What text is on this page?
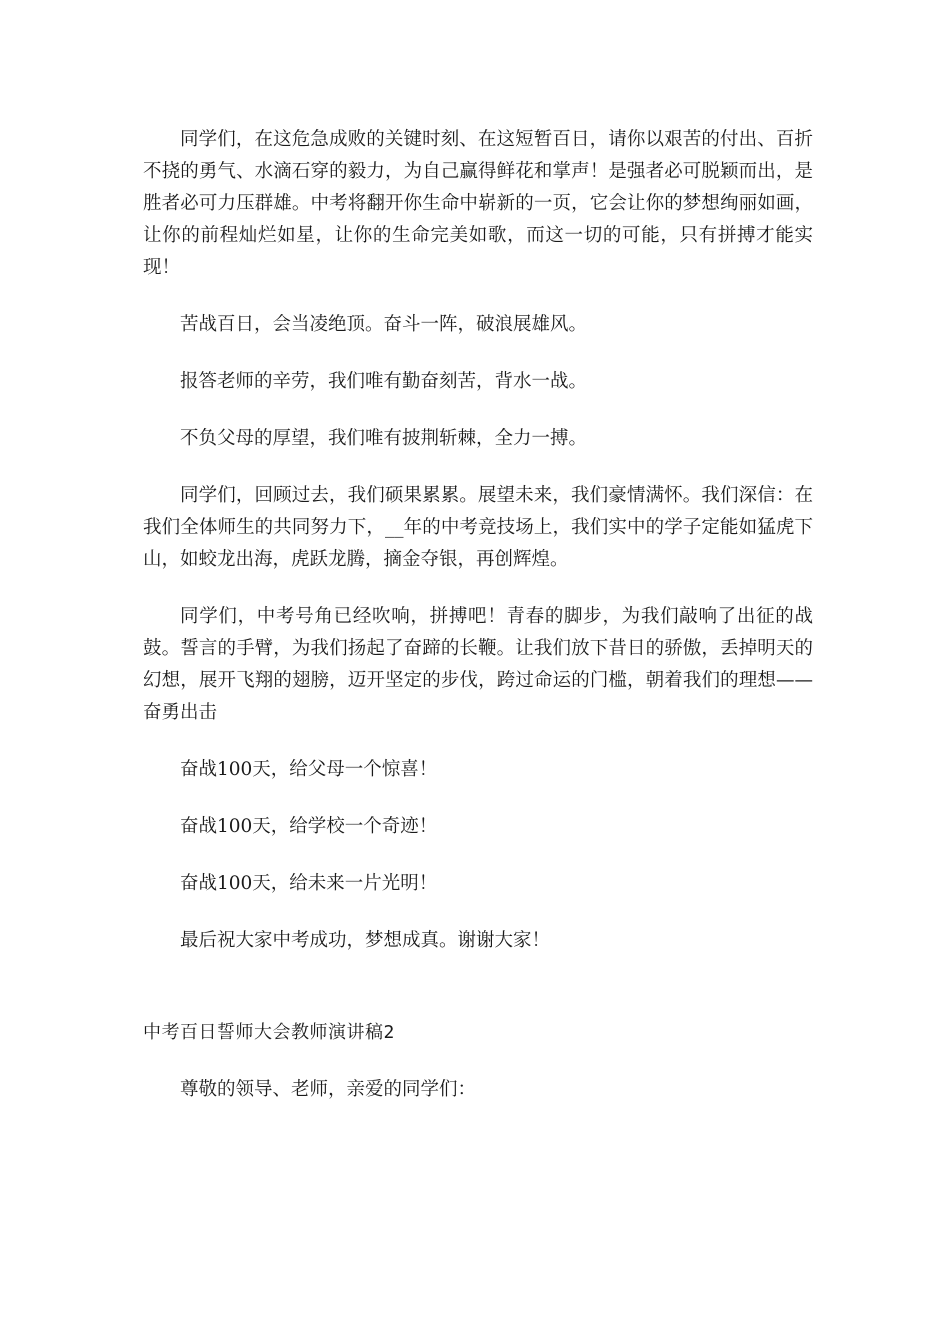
同学们，在这危急成败的关键时刻、在这短暂百日，请你以艰苦的付出、百折不挠的勇气、水滴石穿的毅力，为自己赢得鲜花和掌声！是强者必可脱颖而出，是胜者必可力压群雄。中考将翻开你生命中崭新的一页，它会让你的梦想绚丽如画，让你的前程灿烂如星，让你的生命完美如歌，而这一切的可能，只有拼搏才能实现！

苦战百日，会当凌绝顶。奋斗一阵，破浪展雄风。

报答老师的辛劳，我们唯有勤奋刻苦，背水一战。

不负父母的厚望，我们唯有披荆斩棘，全力一搏。

同学们，回顾过去，我们硕果累累。展望未来，我们豪情满怀。我们深信：在我们全体师生的共同努力下，__年的中考竞技场上，我们实中的学子定能如猛虎下山，如蛟龙出海，虎跃龙腾，摘金夺银，再创辉煌。

同学们，中考号角已经吹响，拼搏吧！青春的脚步，为我们敲响了出征的战鼓。誓言的手臂，为我们扬起了奋蹄的长鞭。让我们放下昔日的骄傲，丢掉明天的幻想，展开飞翔的翅膀，迈开坚定的步伐，跨过命运的门槛，朝着我们的理想——奋勇出击

奋战100天，给父母一个惊喜！

奋战100天，给学校一个奇迹！

奋战100天，给未来一片光明！

最后祝大家中考成功，梦想成真。谢谢大家！

中考百日誓师大会教师演讲稿2

尊敬的领导、老师，亲爱的同学们：
